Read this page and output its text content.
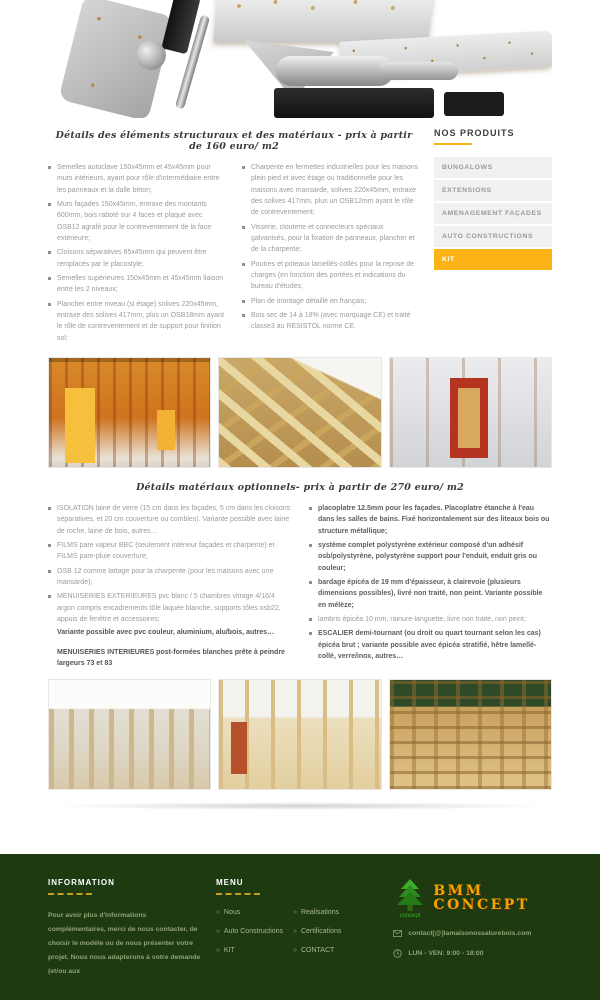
Détails des éléments structuraux et des matériaux - prix à partir de 160 euro/ m2
Semelles autoclave 150x45mm et 45x45mm pour murs intérieurs, ayant pour rôle d'intermédiaire entre les panneaux et la dalle béton;
Murs façades 150x45mm, entraxe des montants 600mm, bois raboté sur 4 faces et plaqué avec OSB12 agrafé pour le contreventement de la face extérieure;
Cloisons séparatives 65x45mm qui peuvent être remplacés par le placostyle;
Semelles supérieures 150x45mm et 45x45mm liaison entre les 2 niveaux;
Plancher entre niveau (si étage) solives 220x45mm, entraxe des solives 417mm, plus un OSB18mm ayant le rôle de contreventement et de support pour finition sol;
Charpente en fermettes industrielles pour les maisons plein pied et avec étage ou traditionnelle pour les maisons avec mansarde, solives 220x45mm, entraxe des solives 417mm, plus un OSB12mm ayant le rôle de contreventement;
Visserie, clouterie et connecteurs spéciaux galvanisés, pour la fixation de panneaux, plancher et de la charpente;
Poutres et poteaux lamellés-collés pour la reprise de charges (en fonction des portées et indications du bureau d'études;
Plan de montage détaillé en français;
Bois sec de 14 à 18% (avec marquage CE) et traité classe3 au RESISTOL norme CE.
NOS PRODUITS
BUNGALOWS
EXTENSIONS
AMENAGEMENT FAÇADES
AUTO CONSTRUCTIONS
KIT
Détails matériaux optionnels- prix à partir de 270 euro/ m2
ISOLATION laine de verre (15 cm dans les façades, 5 cm dans les cloisons séparatives, et 20 cm couverture ou combles). Variante possible avec laine de roche, laine de bois, autres…
FILMS pare vapeur BBC (seulement intérieur façades et charpente) et FILMS pare-pluie couverture;
OSB 12 comme lattage pour la charpente (pour les maisons avec une mansarde);
MENUISERIES EXTERIEURES pvc blanc / 5 chambres vitrage 4/16/4 argon compris encadrements tôle laquée blanche, supports tôles osb22, appuis de fenêtre et accessoires;
Variante possible avec pvc couleur, aluminium, alu/bois, autres…
MENUISERIES INTERIEURES post-formées blanches prête à peindre largeurs 73 et 83
placoplatre 12.5mm pour les façades. Placoplatre étanche à l'eau dans les salles de bains. Fixé horizontalement sur des liteaux bois ou structure métallique;
système complet polystyrène extérieur composé d'un adhésif osb/polystyrène, polystyrène support pour l'enduit, enduit gris ou couleur;
bardage épicéa de 19 mm d'épaisseur, à clairevoie (plusieurs dimensions possibles), livré non traité, non peint. Variante possible en mélèze;
lambris épicéa 10 mm, rainure-languette, livré non traité, non peint;
ESCALIER demi-tournant (ou droit ou quart tournant selon les cas) épicéa brut ; variante possible avec épicéa stratifié, hêtre lamellé-collé, verre/inox, autres…
INFORMATION
Pour avoir plus d'informations complémentaires, merci de nous contacter, de choisir le modèle ou de nous présenter votre projet. Nous nous adapterons à votre demande (et/ou aux
MENU
» Nous
» Auto Constructions
» KIT
» Realisations
» Certifications
» CONTACT
concept
BMM
CONCEPT
contact[@]lamaisonossaturebois.com
LUN - VEN: 9:00 - 18:00
